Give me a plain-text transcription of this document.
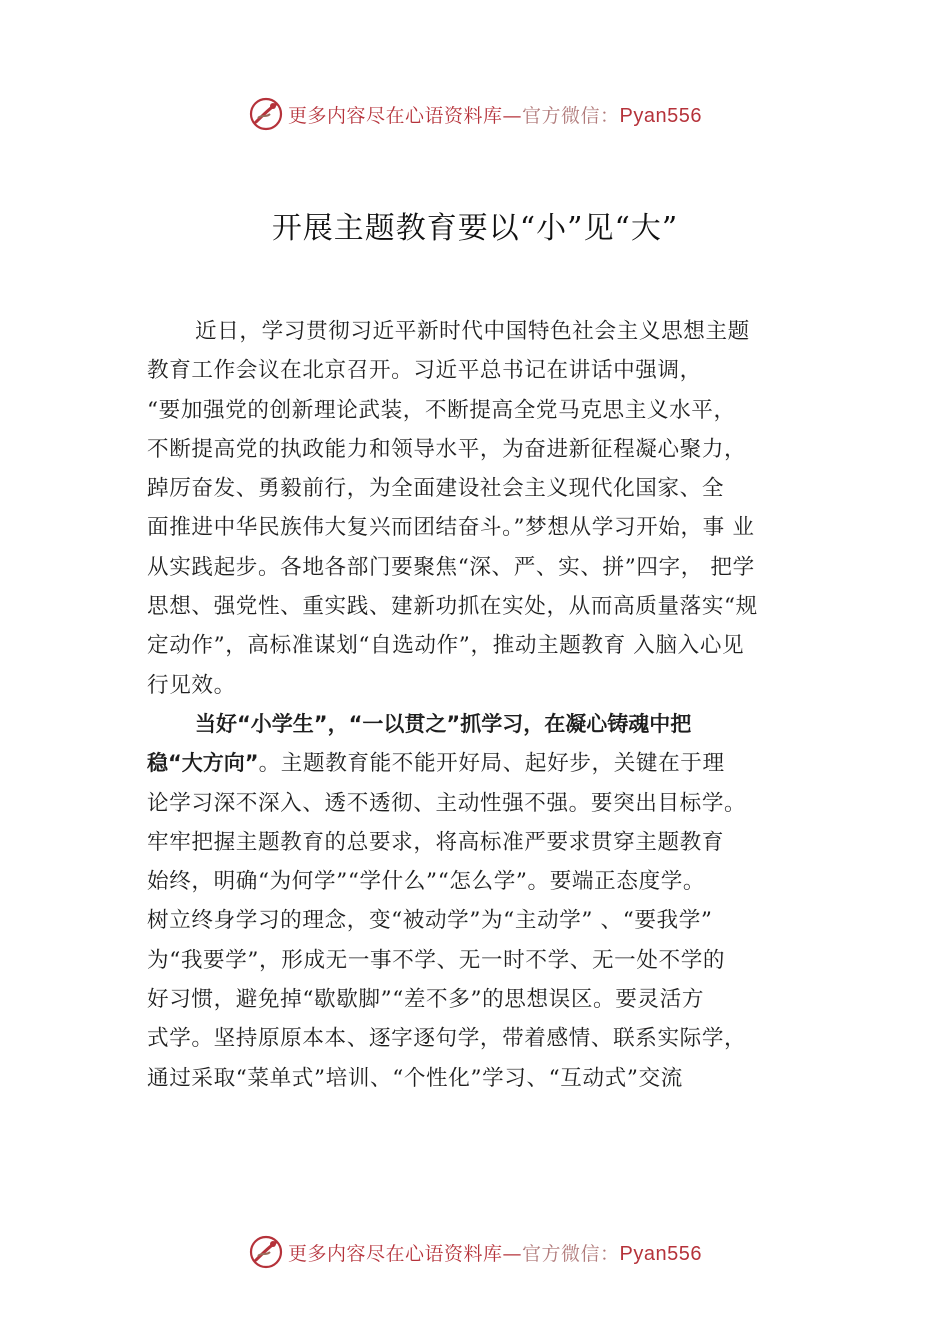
更多内容尽在心语资料库—官方微信：Pyan556
开展主题教育要以“小”见“大”
近日，学习贯彻习近平新时代中国特色社会主义思想主题
教育工作会议在北京召开。习近平总书记在讲话中强调，
“要加强党的创新理论武装，不断提高全党马克思主义水平，
不断提高党的执政能力和领导水平，为奋进新征程凝心聚力，
踔厉奋发、勇毅前行，为全面建设社会主义现代化国家、全
面推进中华民族伟大复兴而团结奋斗。”梦想从学习开始，事 业
从实践起步。各地各部门要聚焦“深、严、实、拼”四字， 把学
思想、强党性、重实践、建新功抓在实处，从而高质量落实“规
定动作”，高标准谋划“自选动作”，推动主题教育 入脑入心见
行见效。
当好“小学生”，“一以贯之”抓学习，在凝心铸魂中把
稳“大方向”。主题教育能不能开好局、起好步，关键在于理
论学习深不深入、透不透彻、主动性强不强。要突出目标学。
牢牢把握主题教育的总要求，将高标准严要求贯穿主题教育
始终，明确“为何学”“学什么”“怎么学”。要端正态度学。
树立终身学习的理念，变“被动学”为“主动学” 、“要我学”
为“我要学”，形成无一事不学、无一时不学、无一处不学的
好习惯，避免掉“歇歇脚”“差不多”的思想误区。要灵活方
式学。坚持原原本本、逐字逐句学，带着感情、联系实际学，
通过采取“菜单式”培训、“个性化”学习、“互动式”交流
更多内容尽在心语资料库—官方微信：Pyan556
